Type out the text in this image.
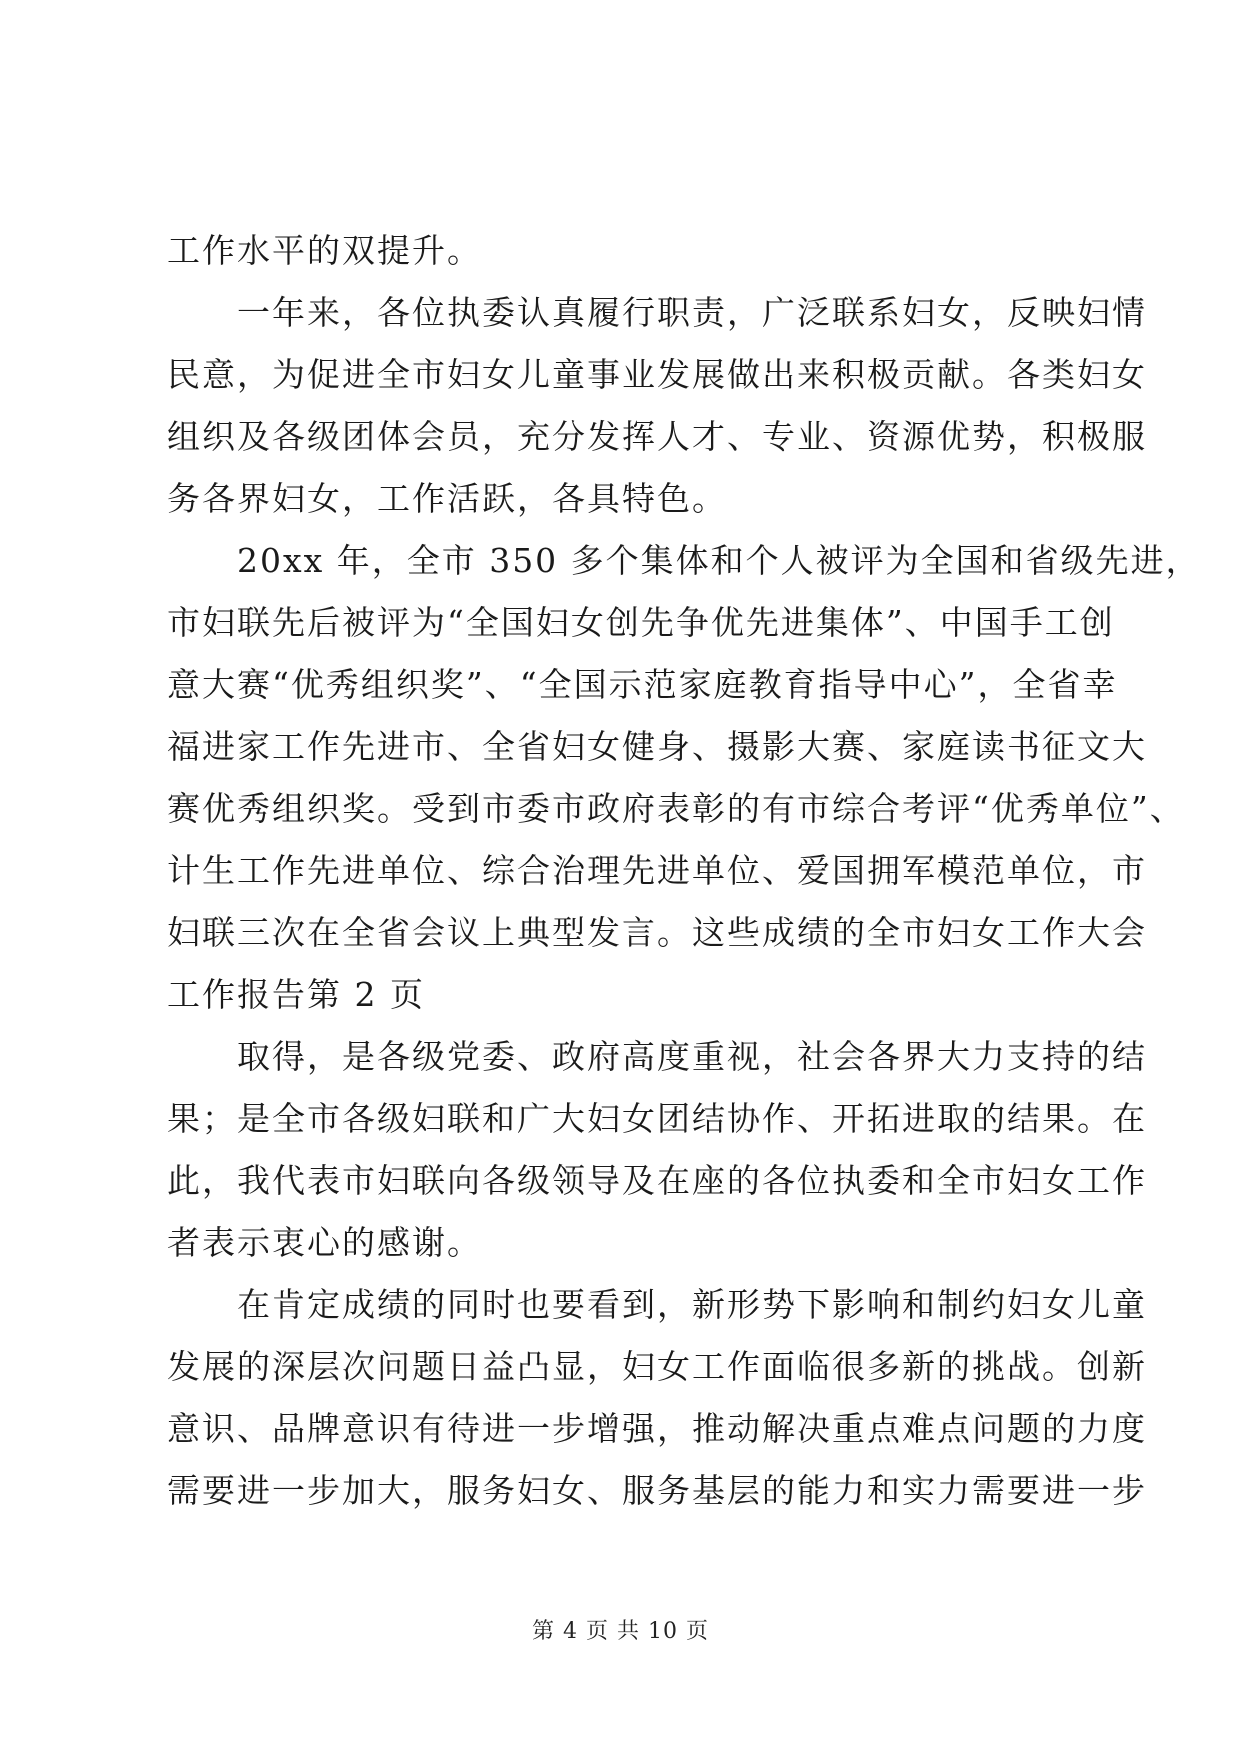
工作水平的双提升。
一年来，各位执委认真履行职责，广泛联系妇女，反映妇情
民意，为促进全市妇女儿童事业发展做出来积极贡献。各类妇女
组织及各级团体会员，充分发挥人才、专业、资源优势，积极服
务各界妇女，工作活跃，各具特色。
20xx 年，全市 350 多个集体和个人被评为全国和省级先进，
市妇联先后被评为“全国妇女创先争优先进集体”、中国手工创
意大赛“优秀组织奖”、“全国示范家庭教育指导中心”，全省幸
福进家工作先进市、全省妇女健身、摄影大赛、家庭读书征文大
赛优秀组织奖。受到市委市政府表彰的有市综合考评“优秀单位”、
计生工作先进单位、综合治理先进单位、爱国拥军模范单位，市
妇联三次在全省会议上典型发言。这些成绩的全市妇女工作大会
工作报告第 2 页
取得，是各级党委、政府高度重视，社会各界大力支持的结
果；是全市各级妇联和广大妇女团结协作、开拓进取的结果。在
此，我代表市妇联向各级领导及在座的各位执委和全市妇女工作
者表示衷心的感谢。
在肯定成绩的同时也要看到，新形势下影响和制约妇女儿童
发展的深层次问题日益凸显，妇女工作面临很多新的挑战。创新
意识、品牌意识有待进一步增强，推动解决重点难点问题的力度
需要进一步加大，服务妇女、服务基层的能力和实力需要进一步
第 4 页 共 10 页
